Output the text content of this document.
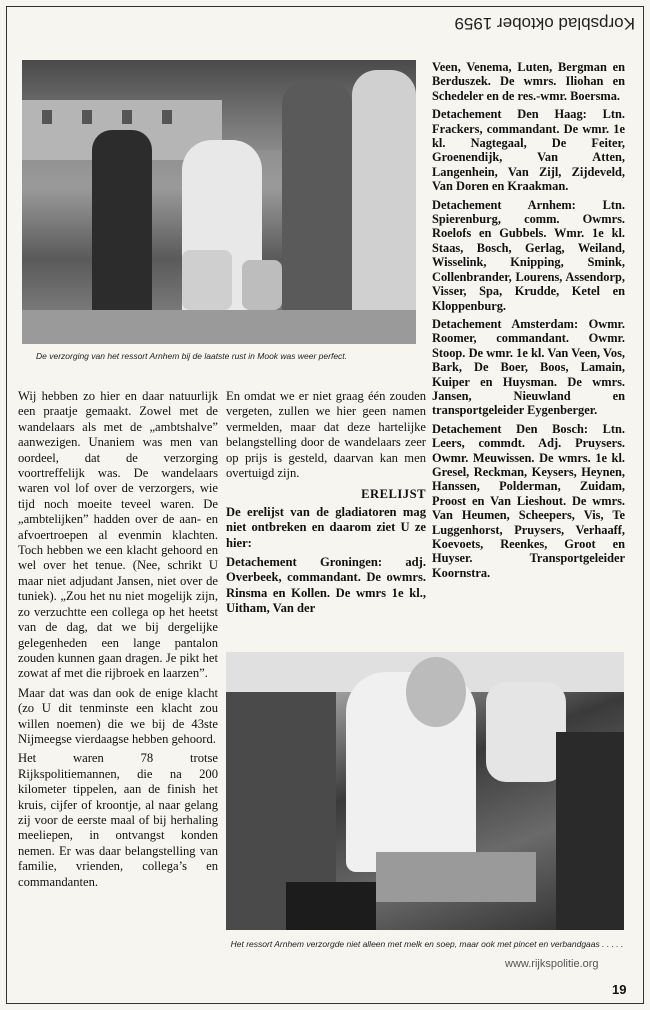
Korpsblad oktober 1959
De verzorging van het ressort Arnhem bij de laatste rust in Mook was weer perfect.

Wij hebben zo hier en daar natuurlijk een praatje gemaakt. Zowel met de wandelaars als met de „ambtshalve” aanwezigen. Unaniem was men van oordeel, dat de verzorging voortreffelijk was. De wandelaars waren vol lof over de verzorgers, wie tijd noch moeite teveel waren. De „ambtelijken” hadden over de aan- en afvoertroepen al evenmin klachten. Toch hebben we een klacht gehoord en wel over het tenue. (Nee, schrikt U maar niet adjudant Jansen, niet over de tuniek). „Zou het nu niet mogelijk zijn, zo verzuchtte een collega op het heetst van de dag, dat we bij dergelijke gelegenheden een lange pantalon zouden kunnen gaan dragen. Je pikt het zowat af met die rijbroek en laarzen”.

Maar dat was dan ook de enige klacht (zo U dit tenminste een klacht zou willen noemen) die we bij de 43ste Nijmeegse vierdaagse hebben gehoord.

Het waren 78 trotse Rijkspolitiemannen, die na 200 kilometer tippelen, aan de finish het kruis, cijfer of kroontje, al naar gelang zij voor de eerste maal of bij herhaling meeliepen, in ontvangst konden nemen. Er was daar belangstelling van familie, vrienden, collega’s en commandanten.

En omdat we er niet graag één zouden vergeten, zullen we hier geen namen vermelden, maar dat deze hartelijke belangstelling door de wandelaars zeer op prijs is gesteld, daarvan kan men overtuigd zijn.

ERELIJST

De erelijst van de gladiatoren mag niet ontbreken en daarom ziet U ze hier:

Detachement Groningen: adj. Overbeek, commandant. De owmrs. Rinsma en Kollen. De wmrs 1e kl., Uitham, Van der

Veen, Venema, Luten, Bergman en Berduszek. De wmrs. Iliohan en Schedeler en de res.-wmr. Boersma.

Detachement Den Haag: Ltn. Frackers, commandant. De wmr. 1e kl. Nagtegaal, De Feiter, Groenendijk, Van Atten, Langenhein, Van Zijl, Zijdeveld, Van Doren en Kraakman.

Detachement Arnhem: Ltn. Spierenburg, comm. Owmrs. Roelofs en Gubbels. Wmr. 1e kl. Staas, Bosch, Gerlag, Weiland, Wisselink, Knipping, Smink, Collenbrander, Lourens, Assendorp, Visser, Spa, Krudde, Ketel en Kloppenburg.

Detachement Amsterdam: Owmr. Roomer, commandant. Owmr. Stoop. De wmr. 1e kl. Van Veen, Vos, Bark, De Boer, Boos, Lamain, Kuiper en Huysman. De wmrs. Jansen, Nieuwland en transportgeleider Eygenberger.

Detachement Den Bosch: Ltn. Leers, commdt. Adj. Pruysers. Owmr. Meuwissen. De wmrs. 1e kl. Gresel, Reckman, Keysers, Heynen, Hanssen, Polderman, Zuidam, Proost en Van Lieshout. De wmrs. Van Heumen, Scheepers, Vis, Te Luggenhorst, Pruysers, Verhaaff, Koevoets, Reenkes, Groot en Huyser. Transportgeleider Koornstra.

Het ressort Arnhem verzorgde niet alleen met melk en soep, maar ook met pincet en verbandgaas . . . . .
www.rijkspolitie.org
19
